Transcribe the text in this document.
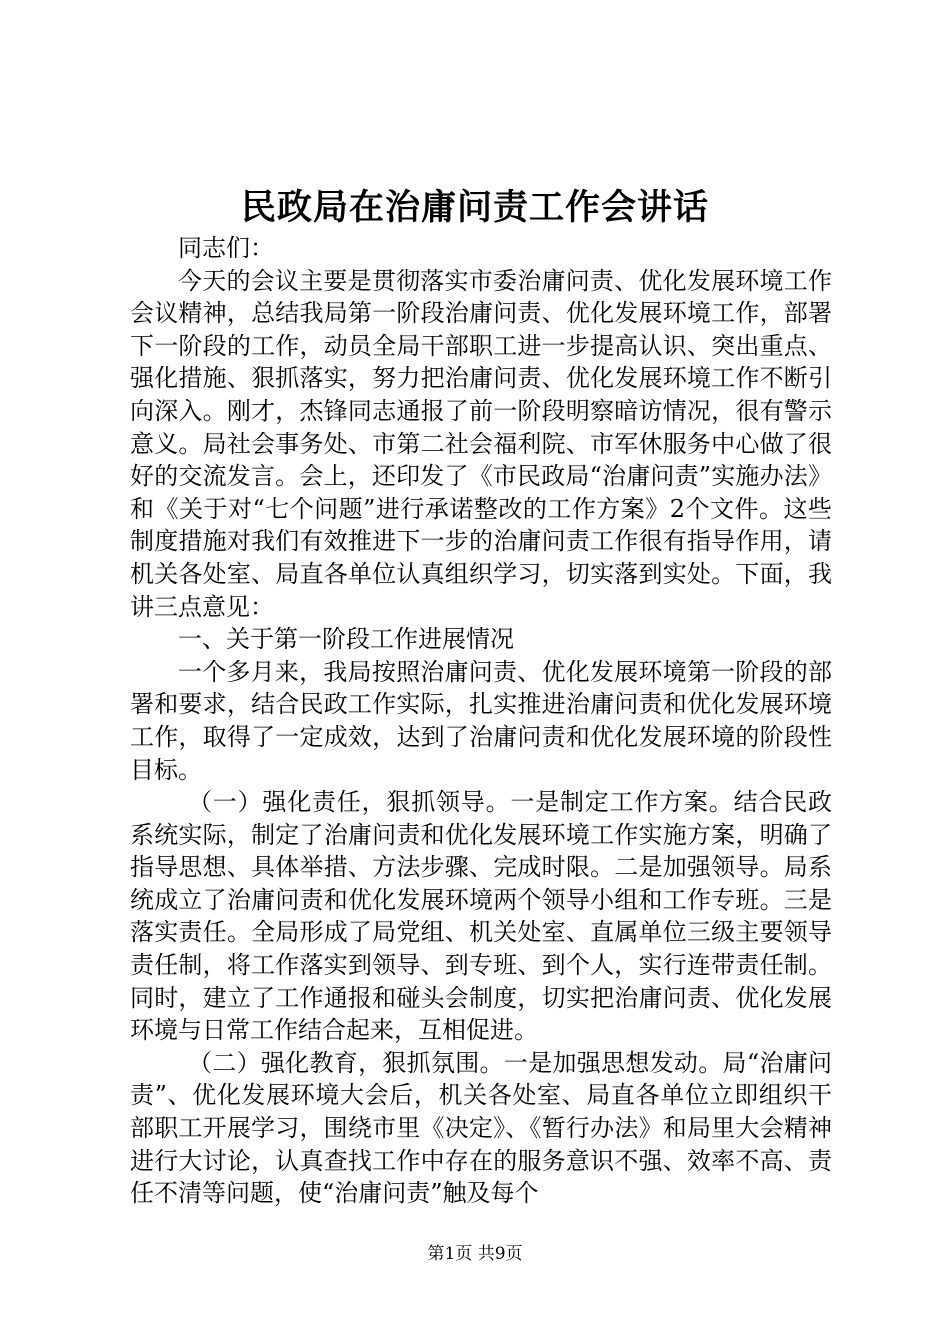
民政局在治庸问责工作会讲话

同志们：

今天的会议主要是贯彻落实市委治庸问责、优化发展环境工作会议精神，总结我局第一阶段治庸问责、优化发展环境工作，部署下一阶段的工作，动员全局干部职工进一步提高认识、突出重点、强化措施、狠抓落实，努力把治庸问责、优化发展环境工作不断引向深入。刚才，杰锋同志通报了前一阶段明察暗访情况，很有警示意义。局社会事务处、市第二社会福利院、市军休服务中心做了很好的交流发言。会上，还印发了《市民政局“治庸问责”实施办法》和《关于对“七个问题”进行承诺整改的工作方案》2个文件。这些制度措施对我们有效推进下一步的治庸问责工作很有指导作用，请机关各处室、局直各单位认真组织学习，切实落到实处。下面，我讲三点意见：

一、关于第一阶段工作进展情况

一个多月来，我局按照治庸问责、优化发展环境第一阶段的部署和要求，结合民政工作实际，扎实推进治庸问责和优化发展环境工作，取得了一定成效，达到了治庸问责和优化发展环境的阶段性目标。

（一）强化责任，狠抓领导。一是制定工作方案。结合民政系统实际，制定了治庸问责和优化发展环境工作实施方案，明确了指导思想、具体举措、方法步骤、完成时限。二是加强领导。局系统成立了治庸问责和优化发展环境两个领导小组和工作专班。三是落实责任。全局形成了局党组、机关处室、直属单位三级主要领导责任制，将工作落实到领导、到专班、到个人，实行连带责任制。同时，建立了工作通报和碰头会制度，切实把治庸问责、优化发展环境与日常工作结合起来，互相促进。

（二）强化教育，狠抓氛围。一是加强思想发动。局“治庸问责”、优化发展环境大会后，机关各处室、局直各单位立即组织干部职工开展学习，围绕市里《决定》、《暂行办法》和局里大会精神进行大讨论，认真查找工作中存在的服务意识不强、效率不高、责任不清等问题，使“治庸问责”触及每个

第1页 共9页
